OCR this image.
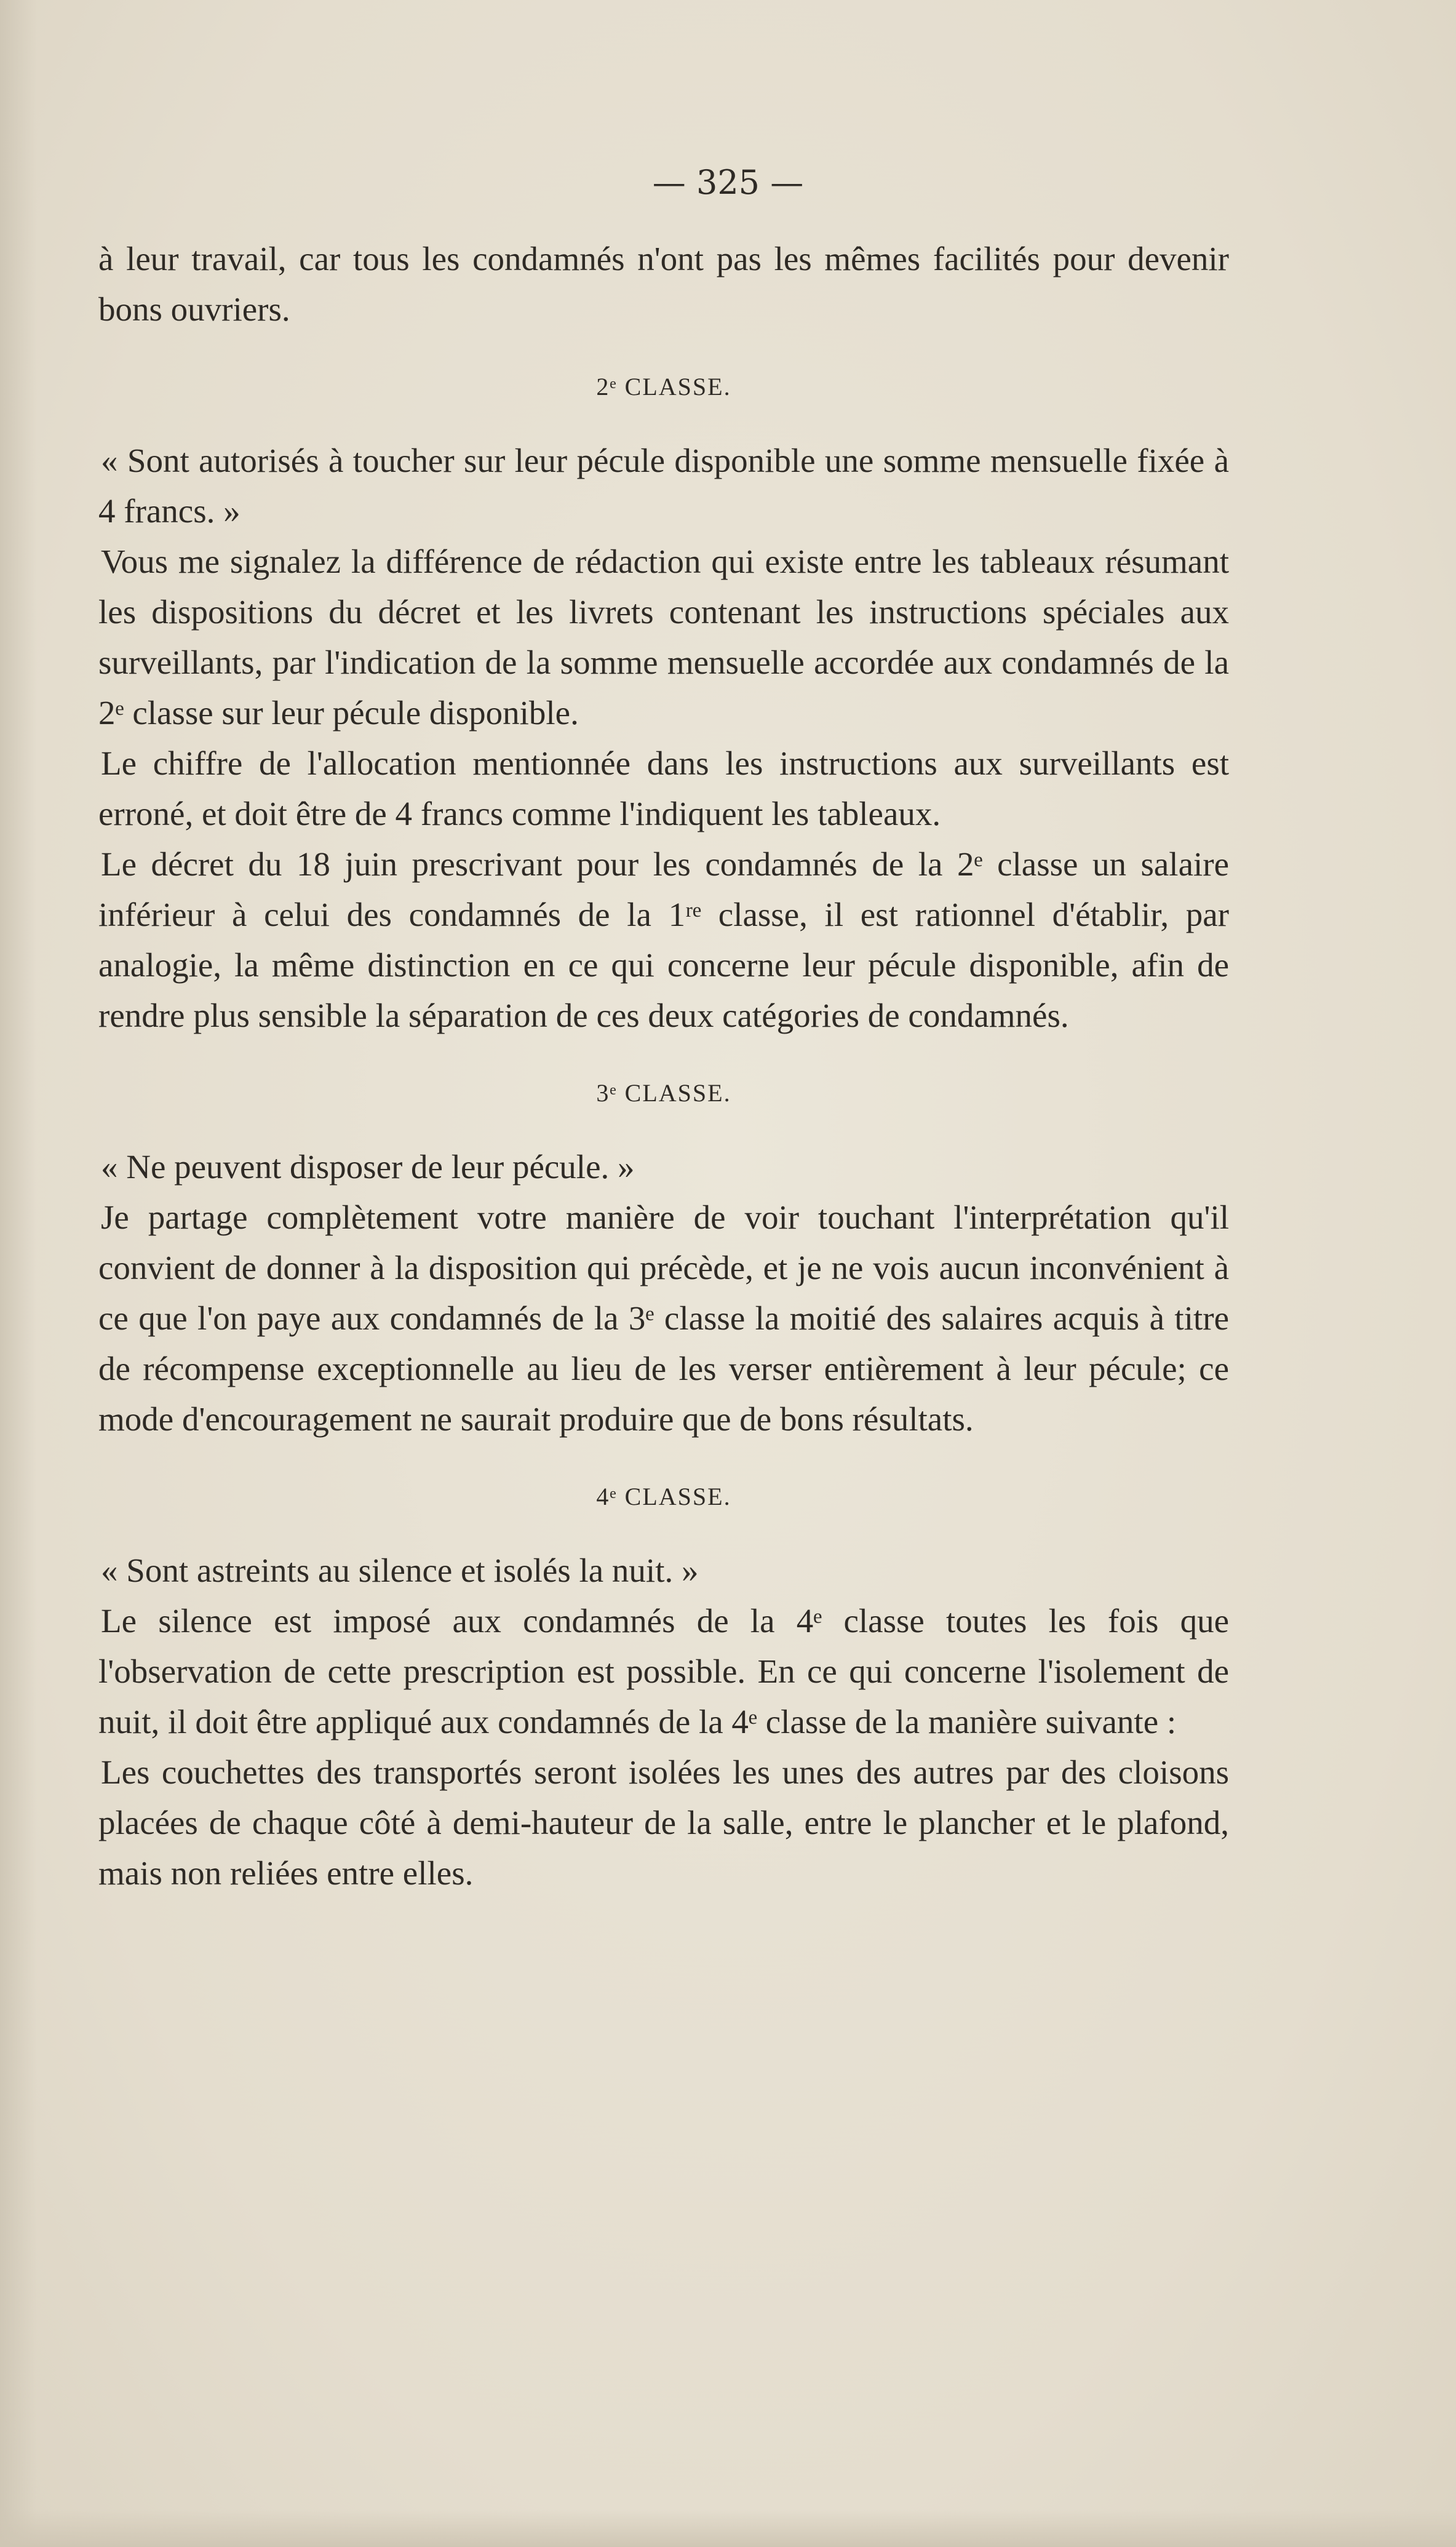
— 325 —

à leur travail, car tous les condamnés n'ont pas les mêmes facilités pour devenir bons ouvriers.

2ᵉ CLASSE.

« Sont autorisés à toucher sur leur pécule disponible une somme mensuelle fixée à 4 francs. »

Vous me signalez la différence de rédaction qui existe entre les tableaux résumant les dispositions du décret et les livrets contenant les instructions spéciales aux surveillants, par l'indication de la somme mensuelle accordée aux condamnés de la 2ᵉ classe sur leur pécule disponible.

Le chiffre de l'allocation mentionnée dans les instructions aux surveillants est erroné, et doit être de 4 francs comme l'indiquent les tableaux.

Le décret du 18 juin prescrivant pour les condamnés de la 2ᵉ classe un salaire inférieur à celui des condamnés de la 1ʳᵉ classe, il est rationnel d'établir, par analogie, la même distinction en ce qui concerne leur pécule disponible, afin de rendre plus sensible la séparation de ces deux catégories de condamnés.

3ᵉ CLASSE.

« Ne peuvent disposer de leur pécule. »

Je partage complètement votre manière de voir touchant l'interprétation qu'il convient de donner à la disposition qui précède, et je ne vois aucun inconvénient à ce que l'on paye aux condamnés de la 3ᵉ classe la moitié des salaires acquis à titre de récompense exceptionnelle au lieu de les verser entièrement à leur pécule; ce mode d'encouragement ne saurait produire que de bons résultats.

4ᵉ CLASSE.

« Sont astreints au silence et isolés la nuit. »

Le silence est imposé aux condamnés de la 4ᵉ classe toutes les fois que l'observation de cette prescription est possible. En ce qui concerne l'isolement de nuit, il doit être appliqué aux condamnés de la 4ᵉ classe de la manière suivante :

Les couchettes des transportés seront isolées les unes des autres par des cloisons placées de chaque côté à demi-hauteur de la salle, entre le plancher et le plafond, mais non reliées entre elles.
